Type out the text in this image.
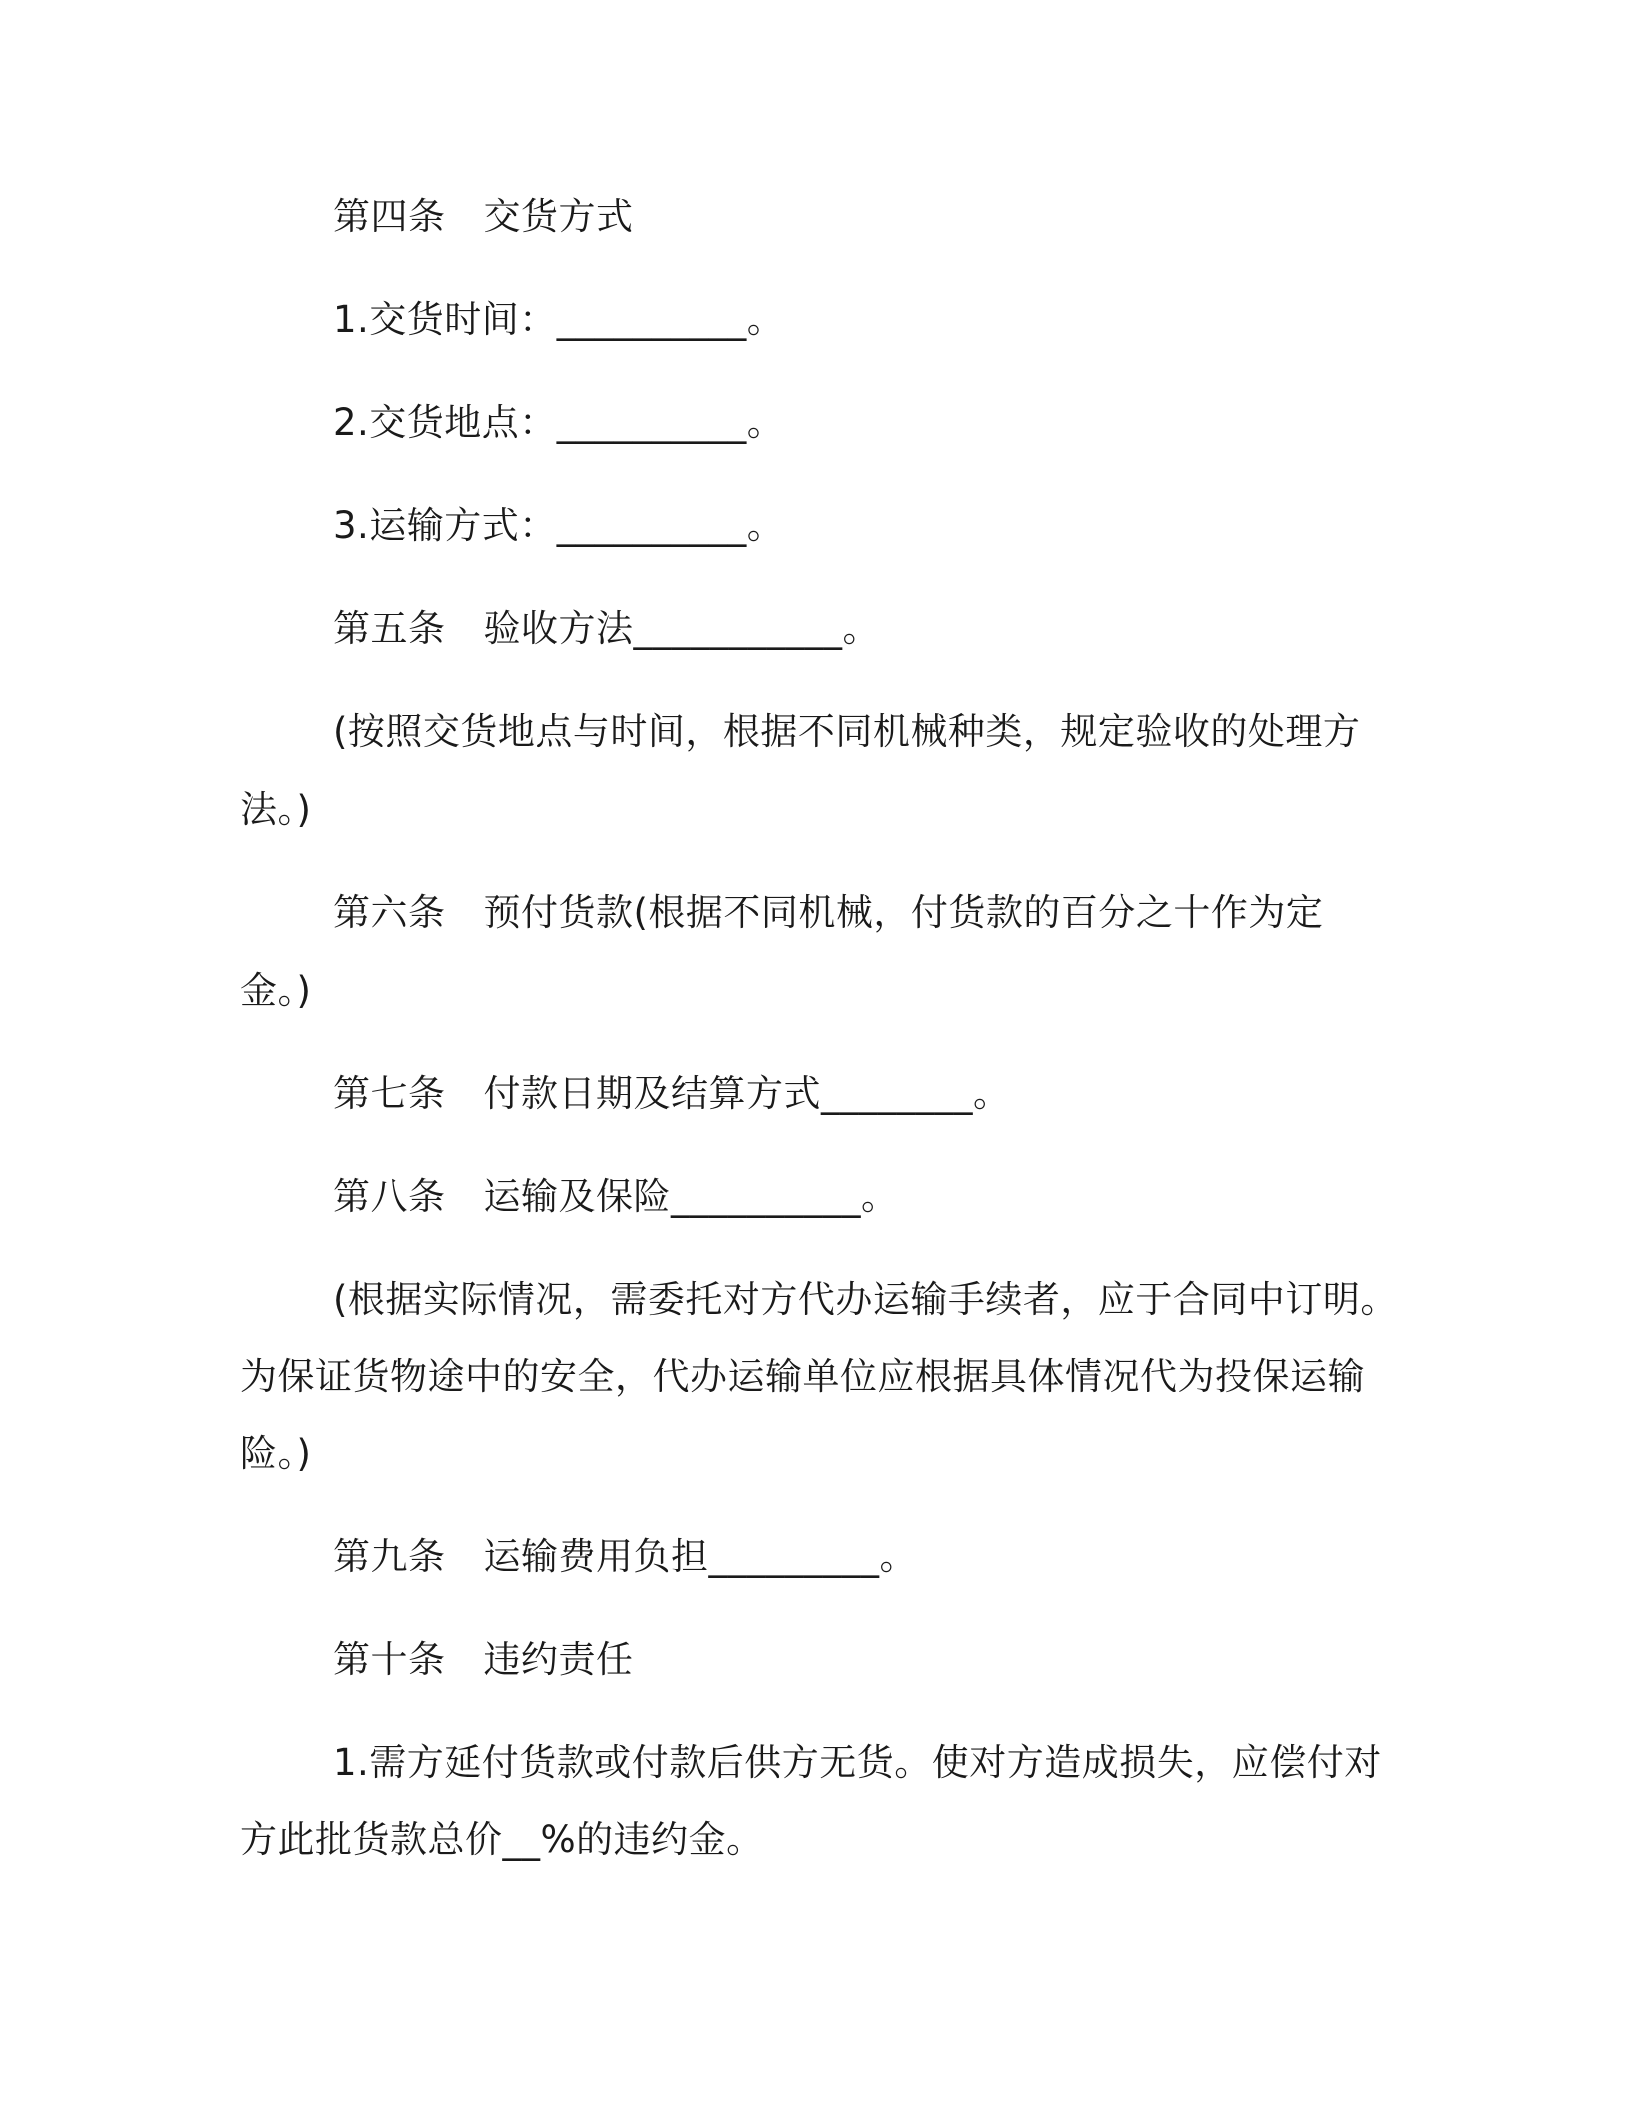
第四条 交货方式
1.交货时间：__________。
2.交货地点：__________。
3.运输方式：__________。
第五条 验收方法___________。
(按照交货地点与时间，根据不同机械种类，规定验收的处理方
法。)
第六条 预付货款(根据不同机械，付货款的百分之十作为定
金。)
第七条 付款日期及结算方式________。
第八条 运输及保险__________。
(根据实际情况，需委托对方代办运输手续者，应于合同中订明。
为保证货物途中的安全，代办运输单位应根据具体情况代为投保运输
险。)
第九条 运输费用负担_________。
第十条 违约责任
1.需方延付货款或付款后供方无货。使对方造成损失，应偿付对
方此批货款总价__%的违约金。
